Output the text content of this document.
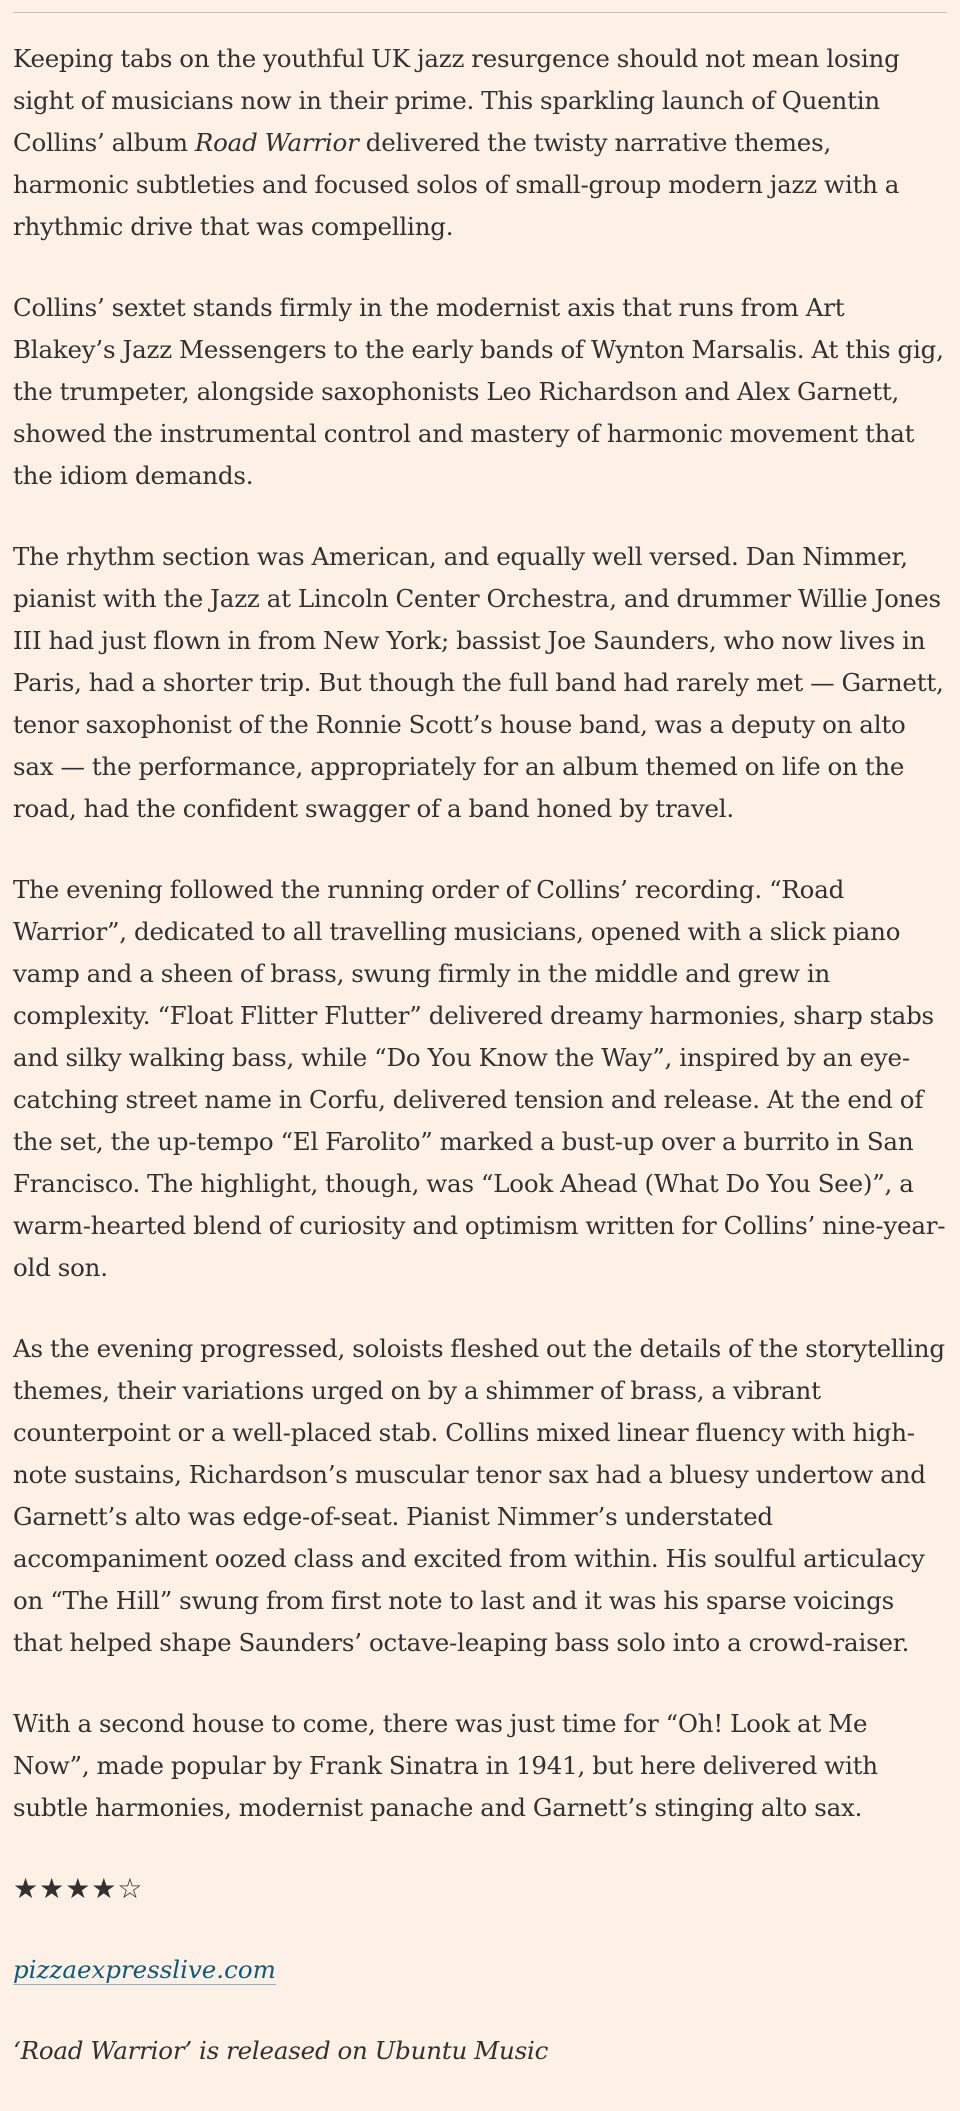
Keeping tabs on the youthful UK jazz resurgence should not mean losing sight of musicians now in their prime. This sparkling launch of Quentin Collins’ album Road Warrior delivered the twisty narrative themes, harmonic subtleties and focused solos of small-group modern jazz with a rhythmic drive that was compelling.

Collins’ sextet stands firmly in the modernist axis that runs from Art Blakey’s Jazz Messengers to the early bands of Wynton Marsalis. At this gig, the trumpeter, alongside saxophonists Leo Richardson and Alex Garnett, showed the instrumental control and mastery of harmonic movement that the idiom demands.

The rhythm section was American, and equally well versed. Dan Nimmer, pianist with the Jazz at Lincoln Center Orchestra, and drummer Willie Jones III had just flown in from New York; bassist Joe Saunders, who now lives in Paris, had a shorter trip. But though the full band had rarely met — Garnett, tenor saxophonist of the Ronnie Scott’s house band, was a deputy on alto sax — the performance, appropriately for an album themed on life on the road, had the confident swagger of a band honed by travel.

The evening followed the running order of Collins’ recording. “Road Warrior”, dedicated to all travelling musicians, opened with a slick piano vamp and a sheen of brass, swung firmly in the middle and grew in complexity. “Float Flitter Flutter” delivered dreamy harmonies, sharp stabs and silky walking bass, while “Do You Know the Way”, inspired by an eye-catching street name in Corfu, delivered tension and release. At the end of the set, the up-tempo “El Farolito” marked a bust-up over a burrito in San Francisco. The highlight, though, was “Look Ahead (What Do You See)”, a warm-hearted blend of curiosity and optimism written for Collins’ nine-year-old son.

As the evening progressed, soloists fleshed out the details of the storytelling themes, their variations urged on by a shimmer of brass, a vibrant counterpoint or a well-placed stab. Collins mixed linear fluency with high-note sustains, Richardson’s muscular tenor sax had a bluesy undertow and Garnett’s alto was edge-of-seat. Pianist Nimmer’s understated accompaniment oozed class and excited from within. His soulful articulacy on “The Hill” swung from first note to last and it was his sparse voicings that helped shape Saunders’ octave-leaping bass solo into a crowd-raiser.

With a second house to come, there was just time for “Oh! Look at Me Now”, made popular by Frank Sinatra in 1941, but here delivered with subtle harmonies, modernist panache and Garnett’s stinging alto sax.

★★★★☆
pizzaexpresslive.com

‘Road Warrior’ is released on Ubuntu Music
